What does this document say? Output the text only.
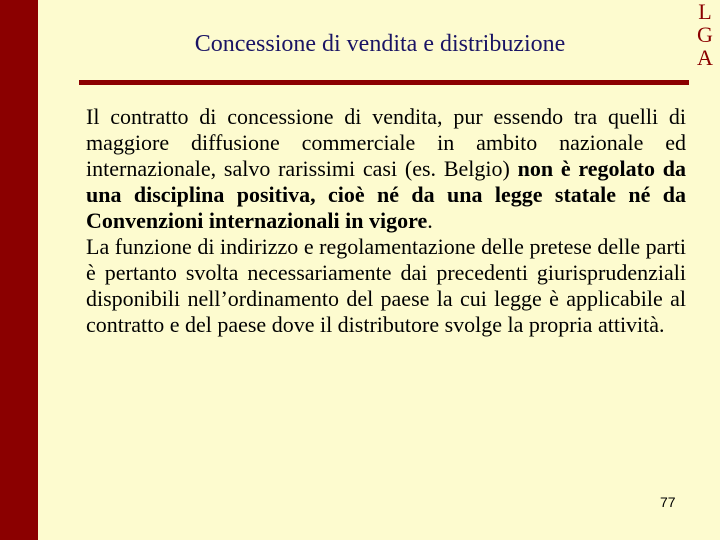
L
G
A
Concessione di vendita e distribuzione

Il contratto di concessione di vendita, pur essendo tra quelli di maggiore diffusione commerciale in ambito nazionale ed internazionale, salvo rarissimi casi (es. Belgio) non è regolato da una disciplina positiva, cioè né da una legge statale né da Convenzioni internazionali in vigore.

La funzione di indirizzo e regolamentazione delle pretese delle parti è pertanto svolta necessariamente dai precedenti giurisprudenziali disponibili nell’ordinamento del paese la cui legge è applicabile al contratto e del paese dove il distributore svolge la propria attività.

77
